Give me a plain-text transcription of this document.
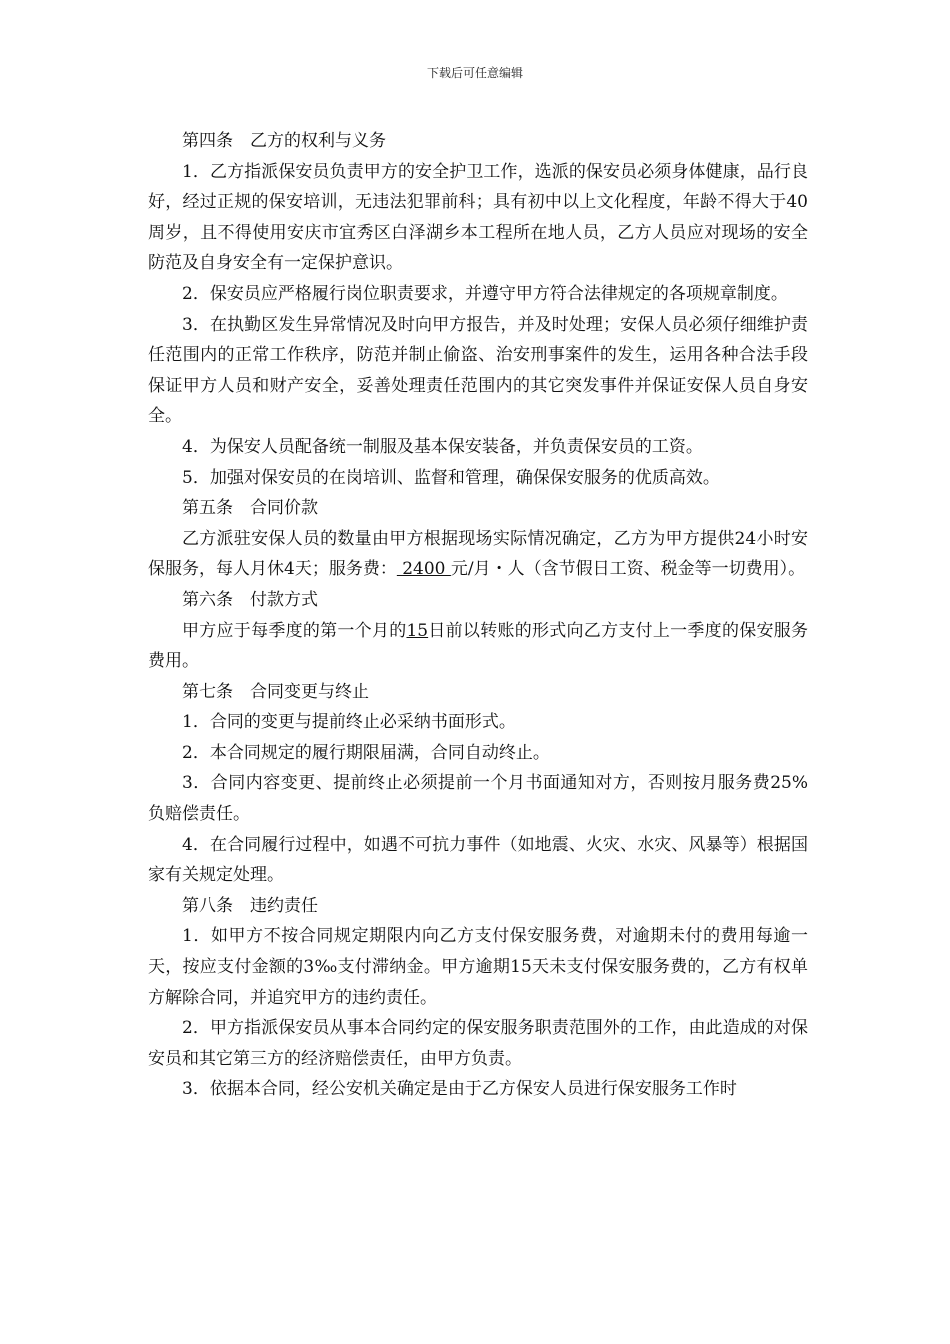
下载后可任意编辑

第四条　乙方的权利与义务

1．乙方指派保安员负责甲方的安全护卫工作，选派的保安员必须身体健康，品行良好，经过正规的保安培训，无违法犯罪前科；具有初中以上文化程度，年龄不得大于40周岁，且不得使用安庆市宜秀区白泽湖乡本工程所在地人员，乙方人员应对现场的安全防范及自身安全有一定保护意识。

2．保安员应严格履行岗位职责要求，并遵守甲方符合法律规定的各项规章制度。

3．在执勤区发生异常情况及时向甲方报告，并及时处理；安保人员必须仔细维护责任范围内的正常工作秩序，防范并制止偷盗、治安刑事案件的发生，运用各种合法手段保证甲方人员和财产安全，妥善处理责任范围内的其它突发事件并保证安保人员自身安全。

4．为保安人员配备统一制服及基本保安装备，并负责保安员的工资。

5．加强对保安员的在岗培训、监督和管理，确保保安服务的优质高效。

第五条　合同价款

乙方派驻安保人员的数量由甲方根据现场实际情况确定，乙方为甲方提供24小时安保服务，每人月休4天；服务费： 2400 元/月・人（含节假日工资、税金等一切费用）。

第六条　付款方式

甲方应于每季度的第一个月的15日前以转账的形式向乙方支付上一季度的保安服务费用。

第七条　合同变更与终止

1．合同的变更与提前终止必采纳书面形式。

2．本合同规定的履行期限届满，合同自动终止。

3．合同内容变更、提前终止必须提前一个月书面通知对方，否则按月服务费25%负赔偿责任。

4．在合同履行过程中，如遇不可抗力事件（如地震、火灾、水灾、风暴等）根据国家有关规定处理。

第八条　违约责任

1．如甲方不按合同规定期限内向乙方支付保安服务费，对逾期未付的费用每逾一天，按应支付金额的3‰支付滞纳金。甲方逾期15天未支付保安服务费的，乙方有权单方解除合同，并追究甲方的违约责任。

2．甲方指派保安员从事本合同约定的保安服务职责范围外的工作，由此造成的对保安员和其它第三方的经济赔偿责任，由甲方负责。

3．依据本合同，经公安机关确定是由于乙方保安人员进行保安服务工作时
